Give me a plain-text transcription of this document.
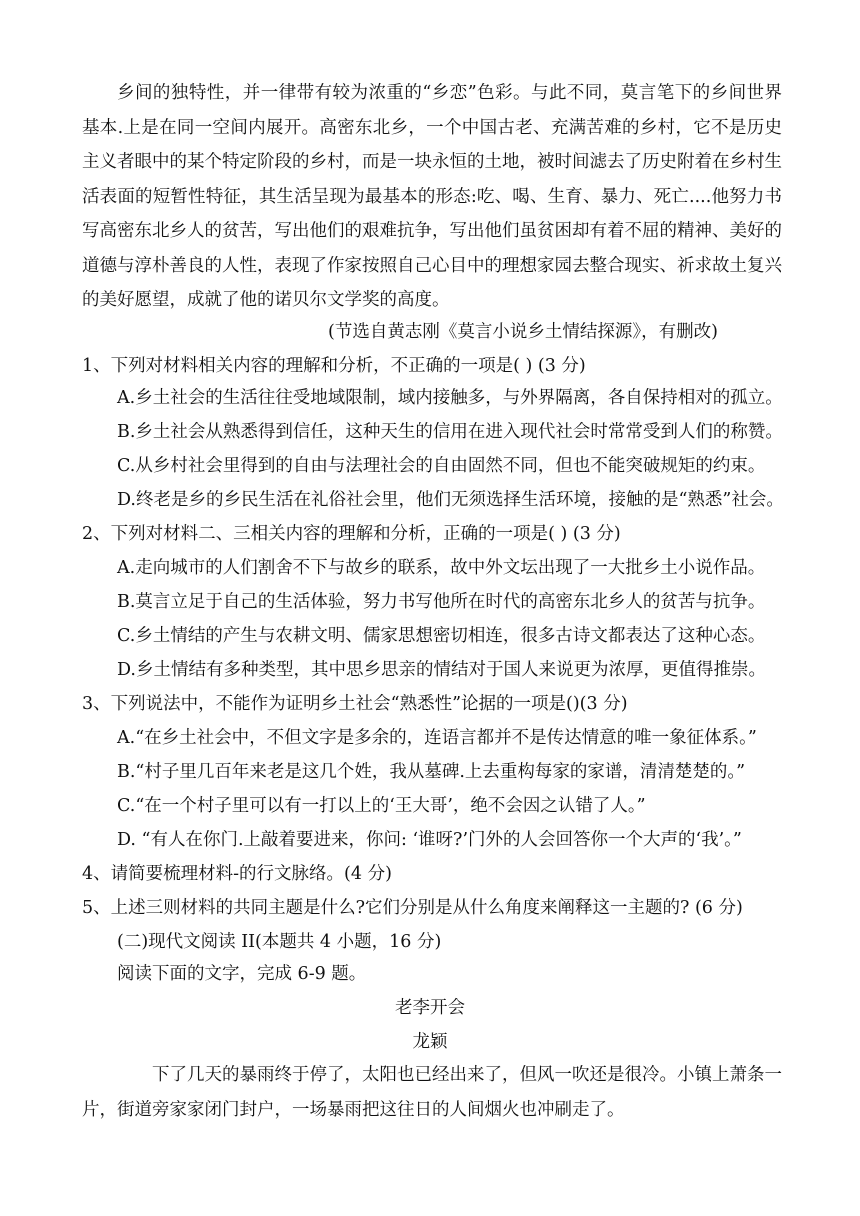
乡间的独特性，并一律带有较为浓重的“乡恋”色彩。与此不同，莫言笔下的乡间世界基本.上是在同一空间内展开。高密东北乡，一个中国古老、充满苦难的乡村，它不是历史主义者眼中的某个特定阶段的乡村，而是一块永恒的土地，被时间滤去了历史附着在乡村生活表面的短暂性特征，其生活呈现为最基本的形态:吃、喝、生育、暴力、死亡....他努力书写高密东北乡人的贫苦，写出他们的艰难抗争，写出他们虽贫困却有着不屈的精神、美好的道德与淳朴善良的人性，表现了作家按照自己心目中的理想家园去整合现实、祈求故土复兴的美好愿望，成就了他的诺贝尔文学奖的高度。

(节选自黄志刚《莫言小说乡土情结探源》，有删改)

1、下列对材料相关内容的理解和分析，不正确的一项是( ) (3 分)

A.乡土社会的生活往往受地域限制，域内接触多，与外界隔离，各自保持相对的孤立。

B.乡土社会从熟悉得到信任，这种天生的信用在进入现代社会时常常受到人们的称赞。

C.从乡村社会里得到的自由与法理社会的自由固然不同，但也不能突破规矩的约束。

D.终老是乡的乡民生活在礼俗社会里，他们无须选择生活环境，接触的是“熟悉”社会。

2、下列对材料二、三相关内容的理解和分析，正确的一项是( ) (3 分)

A.走向城市的人们割舍不下与故乡的联系，故中外文坛出现了一大批乡土小说作品。

B.莫言立足于自己的生活体验，努力书写他所在时代的高密东北乡人的贫苦与抗争。

C.乡土情结的产生与农耕文明、儒家思想密切相连，很多古诗文都表达了这种心态。

D.乡土情结有多种类型，其中思乡思亲的情结对于国人来说更为浓厚，更值得推崇。

3、下列说法中，不能作为证明乡土社会“熟悉性”论据的一项是()(3 分)

A.“在乡土社会中，不但文字是多余的，连语言都并不是传达情意的唯一象征体系。”

B.“村子里几百年来老是这几个姓，我从墓碑.上去重构每家的家谱，清清楚楚的。”

C.“在一个村子里可以有一打以上的‘王大哥’，绝不会因之认错了人。”

D. “有人在你门.上敲着要进来，你问: ‘谁呀?’门外的人会回答你一个大声的‘我’。”

4、请简要梳理材料-的行文脉络。(4 分)

5、上述三则材料的共同主题是什么?它们分别是从什么角度来阐释这一主题的? (6 分)

(二)现代文阅读 II(本题共 4 小题，16 分)

阅读下面的文字，完成 6-9 题。

老李开会

龙颖

下了几天的暴雨终于停了，太阳也已经出来了，但风一吹还是很冷。小镇上萧条一片，街道旁家家闭门封户，一场暴雨把这往日的人间烟火也冲刷走了。
